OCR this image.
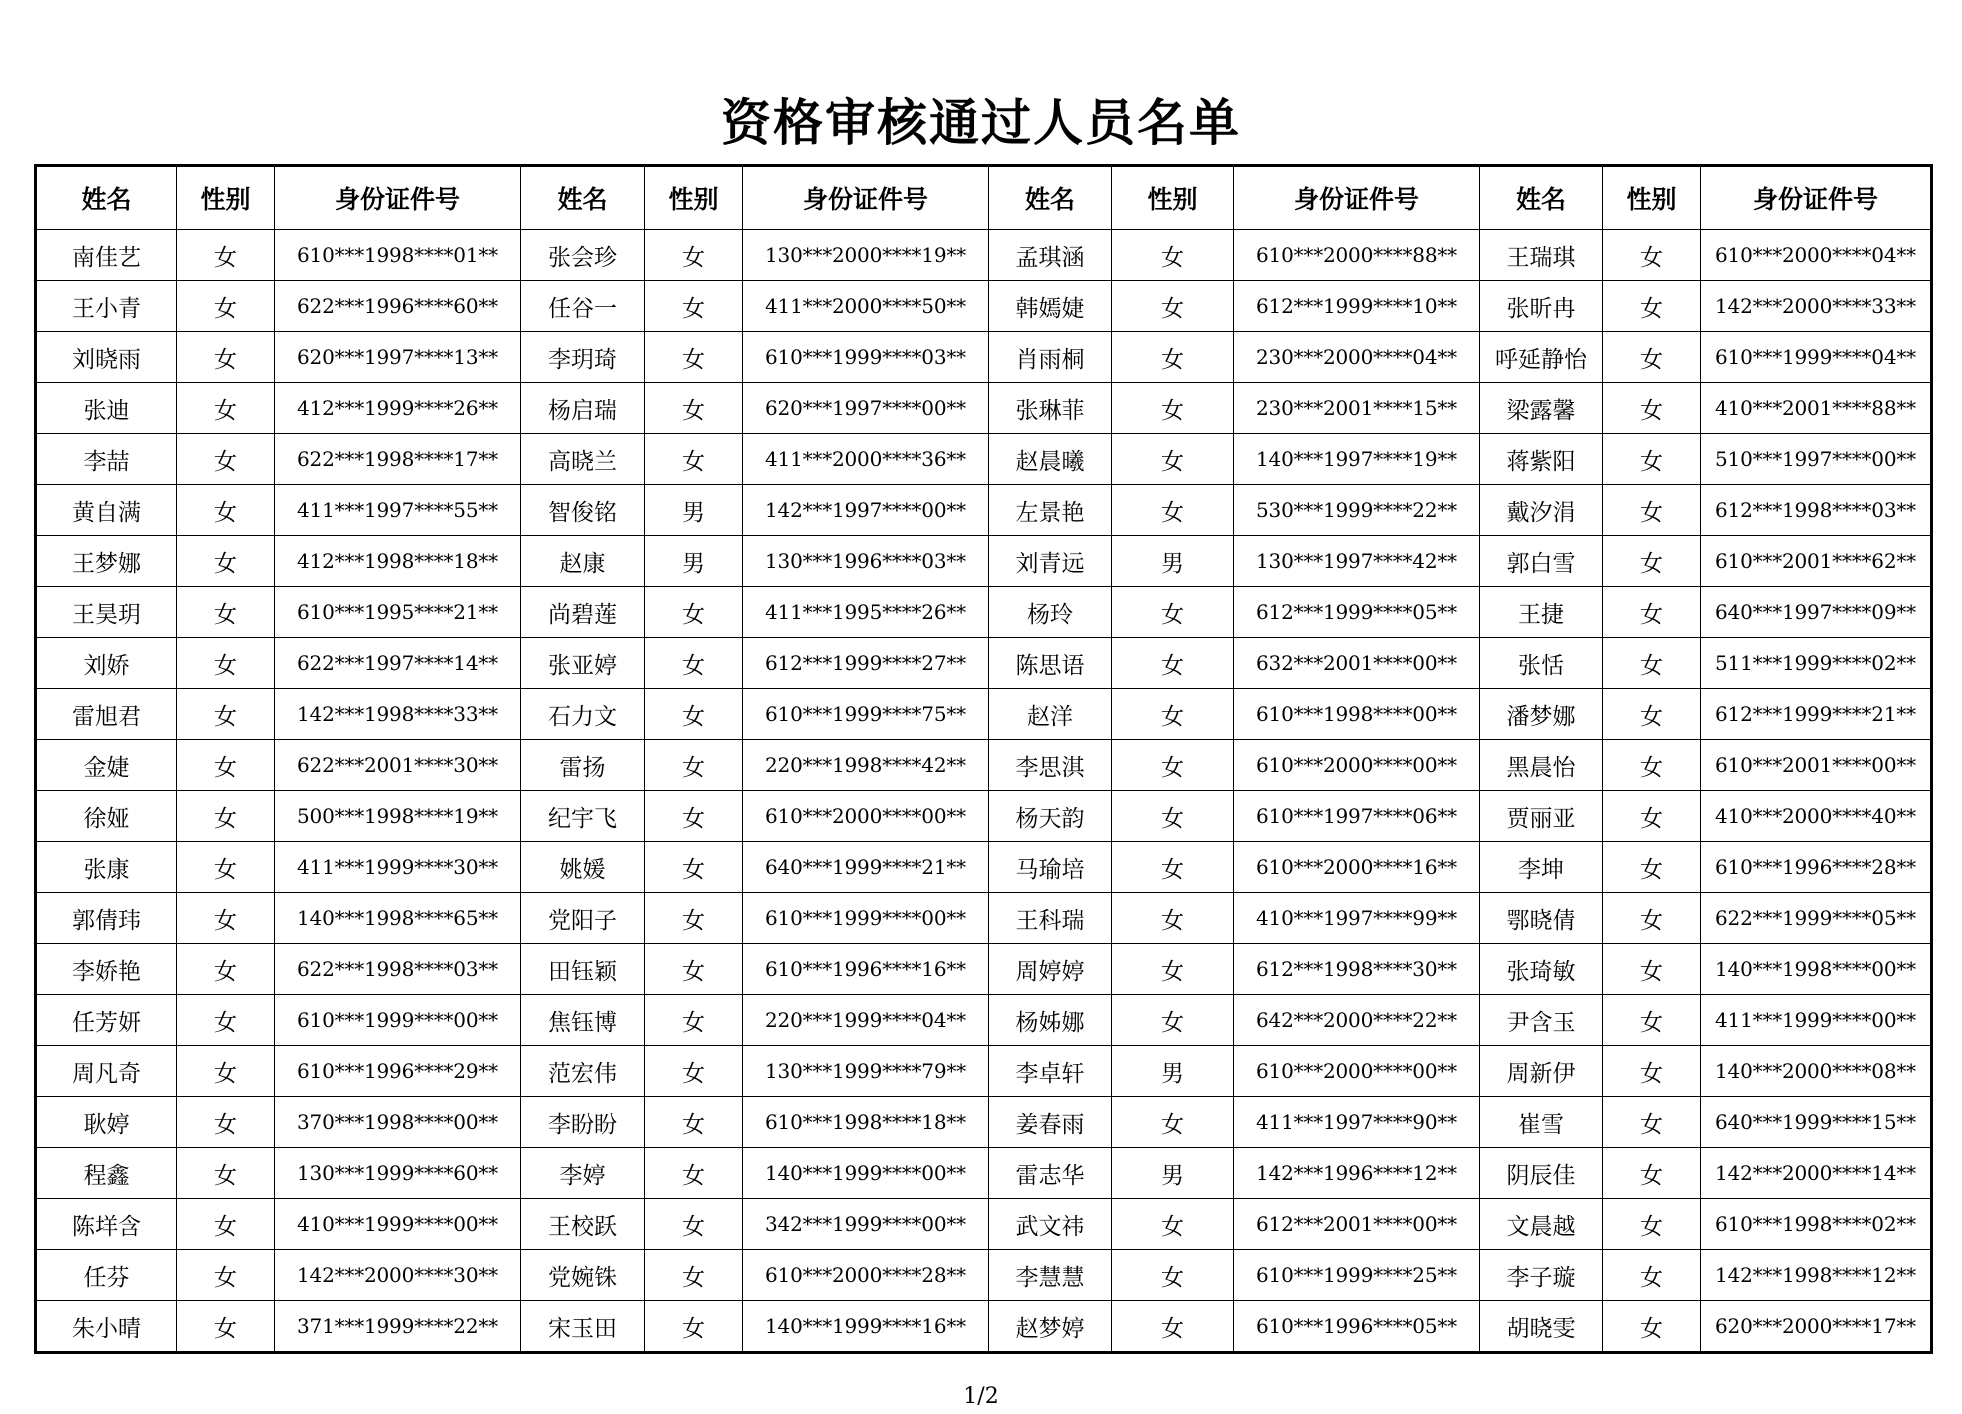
资格审核通过人员名单
姓名	性别	身份证件号	姓名	性别	身份证件号	姓名	性别	身份证件号	姓名	性别	身份证件号
南佳艺	女	610***1998****01**	张会珍	女	130***2000****19**	孟琪涵	女	610***2000****88**	王瑞琪	女	610***2000****04**
王小青	女	622***1996****60**	任谷一	女	411***2000****50**	韩嫣婕	女	612***1999****10**	张昕冉	女	142***2000****33**
刘晓雨	女	620***1997****13**	李玥琦	女	610***1999****03**	肖雨桐	女	230***2000****04**	呼延静怡	女	610***1999****04**
张迪	女	412***1999****26**	杨启瑞	女	620***1997****00**	张琳菲	女	230***2001****15**	梁露馨	女	410***2001****88**
李喆	女	622***1998****17**	高晓兰	女	411***2000****36**	赵晨曦	女	140***1997****19**	蒋紫阳	女	510***1997****00**
黄自满	女	411***1997****55**	智俊铭	男	142***1997****00**	左景艳	女	530***1999****22**	戴汐涓	女	612***1998****03**
王梦娜	女	412***1998****18**	赵康	男	130***1996****03**	刘青远	男	130***1997****42**	郭白雪	女	610***2001****62**
王昊玥	女	610***1995****21**	尚碧莲	女	411***1995****26**	杨玲	女	612***1999****05**	王捷	女	640***1997****09**
刘娇	女	622***1997****14**	张亚婷	女	612***1999****27**	陈思语	女	632***2001****00**	张恬	女	511***1999****02**
雷旭君	女	142***1998****33**	石力文	女	610***1999****75**	赵洋	女	610***1998****00**	潘梦娜	女	612***1999****21**
金婕	女	622***2001****30**	雷扬	女	220***1998****42**	李思淇	女	610***2000****00**	黑晨怡	女	610***2001****00**
徐娅	女	500***1998****19**	纪宇飞	女	610***2000****00**	杨天韵	女	610***1997****06**	贾丽亚	女	410***2000****40**
张康	女	411***1999****30**	姚媛	女	640***1999****21**	马瑜培	女	610***2000****16**	李坤	女	610***1996****28**
郭倩玮	女	140***1998****65**	党阳子	女	610***1999****00**	王科瑞	女	410***1997****99**	鄂晓倩	女	622***1999****05**
李娇艳	女	622***1998****03**	田钰颖	女	610***1996****16**	周婷婷	女	612***1998****30**	张琦敏	女	140***1998****00**
任芳妍	女	610***1999****00**	焦钰博	女	220***1999****04**	杨姊娜	女	642***2000****22**	尹含玉	女	411***1999****00**
周凡奇	女	610***1996****29**	范宏伟	女	130***1999****79**	李卓轩	男	610***2000****00**	周新伊	女	140***2000****08**
耿婷	女	370***1998****00**	李盼盼	女	610***1998****18**	姜春雨	女	411***1997****90**	崔雪	女	640***1999****15**
程鑫	女	130***1999****60**	李婷	女	140***1999****00**	雷志华	男	142***1996****12**	阴辰佳	女	142***2000****14**
陈垟含	女	410***1999****00**	王校跃	女	342***1999****00**	武文祎	女	612***2001****00**	文晨越	女	610***1998****02**
任芬	女	142***2000****30**	党婉铢	女	610***2000****28**	李慧慧	女	610***1999****25**	李子璇	女	142***1998****12**
朱小晴	女	371***1999****22**	宋玉田	女	140***1999****16**	赵梦婷	女	610***1996****05**	胡晓雯	女	620***2000****17**
1/2
